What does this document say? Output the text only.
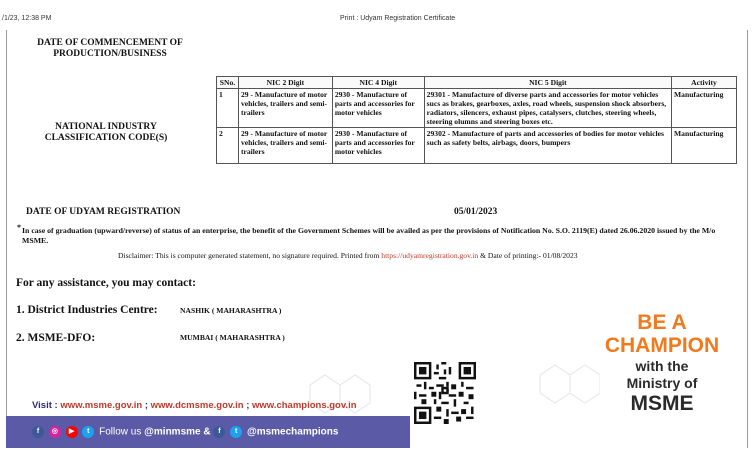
/1/23, 12:38 PM	Print : Udyam Registration Certificate
DATE OF COMMENCEMENT OF PRODUCTION/BUSINESS
NATIONAL INDUSTRY CLASSIFICATION CODE(S)
SNo.	NIC 2 Digit	NIC 4 Digit	NIC 5 Digit	Activity
1	29 - Manufacture of motor vehicles, trailers and semi-trailers	2930 - Manufacture of parts and accessories for motor vehicles	29301 - Manufacture of diverse parts and accessories for motor vehicles sucs as brakes, gearboxes, axles, road wheels, suspension shock absorbers, radiators, silencers, exhaust pipes, catalysers, clutches, steering wheels, steering olumns and steering boxes etc.	Manufacturing
2	29 - Manufacture of motor vehicles, trailers and semi-trailers	2930 - Manufacture of parts and accessories for motor vehicles	29302 - Manufacture of parts and accessories of bodies for motor vehicles such as safety belts, airbags, doors, bumpers	Manufacturing
DATE OF UDYAM REGISTRATION	05/01/2023
* In case of graduation (upward/reverse) of status of an enterprise, the benefit of the Government Schemes will be availed as per the provisions of Notification No. S.O. 2119(E) dated 26.06.2020 issued by the M/o MSME.
Disclaimer: This is computer generated statement, no signature required. Printed from https://udyamregistration.gov.in & Date of printing:- 01/08/2023
For any assistance, you may contact:
1. District Industries Centre:	NASHIK ( MAHARASHTRA )
2. MSME-DFO:	MUMBAI ( MAHARASHTRA )
Visit : www.msme.gov.in ; www.dcmsme.gov.in ; www.champions.gov.in
f ◎ ▶ t Follow us @minmsme & f t @msmechampions
BE A
CHAMPION
with the
Ministry of
MSME
